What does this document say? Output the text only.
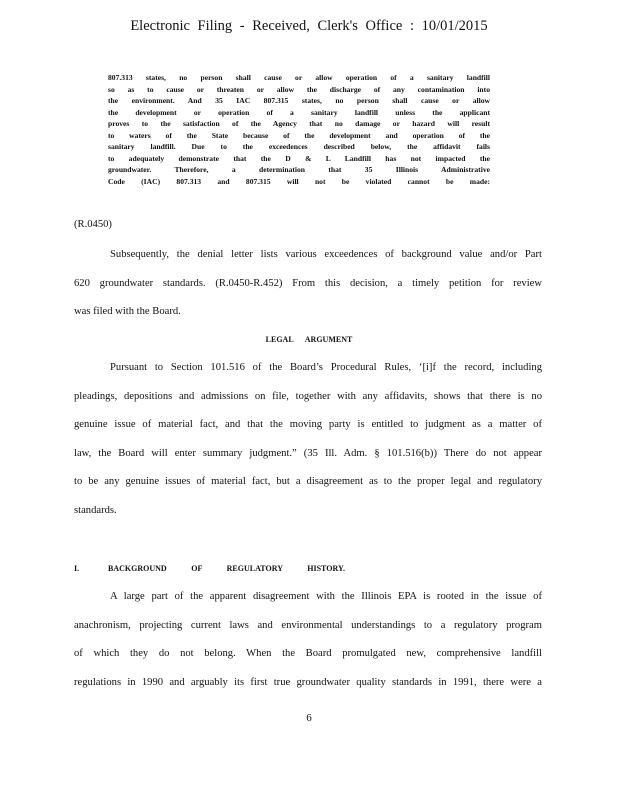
Electronic Filing - Received, Clerk's Office : 10/01/2015
807.313 states, no person shall cause or allow operation of a sanitary landfill
so as to cause or threaten or allow the discharge of any contamination into
the environment. And 35 IAC 807.315 states, no person shall cause or allow
the development or operation of a sanitary landfill unless the applicant
proves to the satisfaction of the Agency that no damage or hazard will result
to waters of the State because of the development and operation of the
sanitary landfill. Due to the exceedences described below, the affidavit fails
to adequately demonstrate that the D & L Landfill has not impacted the
groundwater. Therefore, a determination that 35 Illinois Administrative
Code (IAC) 807.313 and 807.315 will not be violated cannot be made:
(R.0450)
Subsequently, the denial letter lists various exceedences of background value and/or Part
620 groundwater standards. (R.0450-R.452) From this decision, a timely petition for review
was filed with the Board.
LEGAL ARGUMENT
Pursuant to Section 101.516 of the Board’s Procedural Rules, ‘[i]f the record, including
pleadings, depositions and admissions on file, together with any affidavits, shows that there is no
genuine issue of material fact, and that the moving party is entitled to judgment as a matter of
law, the Board will enter summary judgment.” (35 Ill. Adm. § 101.516(b)) There do not appear
to be any genuine issues of material fact, but a disagreement as to the proper legal and regulatory
standards.
I.	BACKGROUND OF REGULATORY HISTORY.
A large part of the apparent disagreement with the Illinois EPA is rooted in the issue of
anachronism, projecting current laws and environmental understandings to a regulatory program
of which they do not belong. When the Board promulgated new, comprehensive landfill
regulations in 1990 and arguably its first true groundwater quality standards in 1991, there were a
6
